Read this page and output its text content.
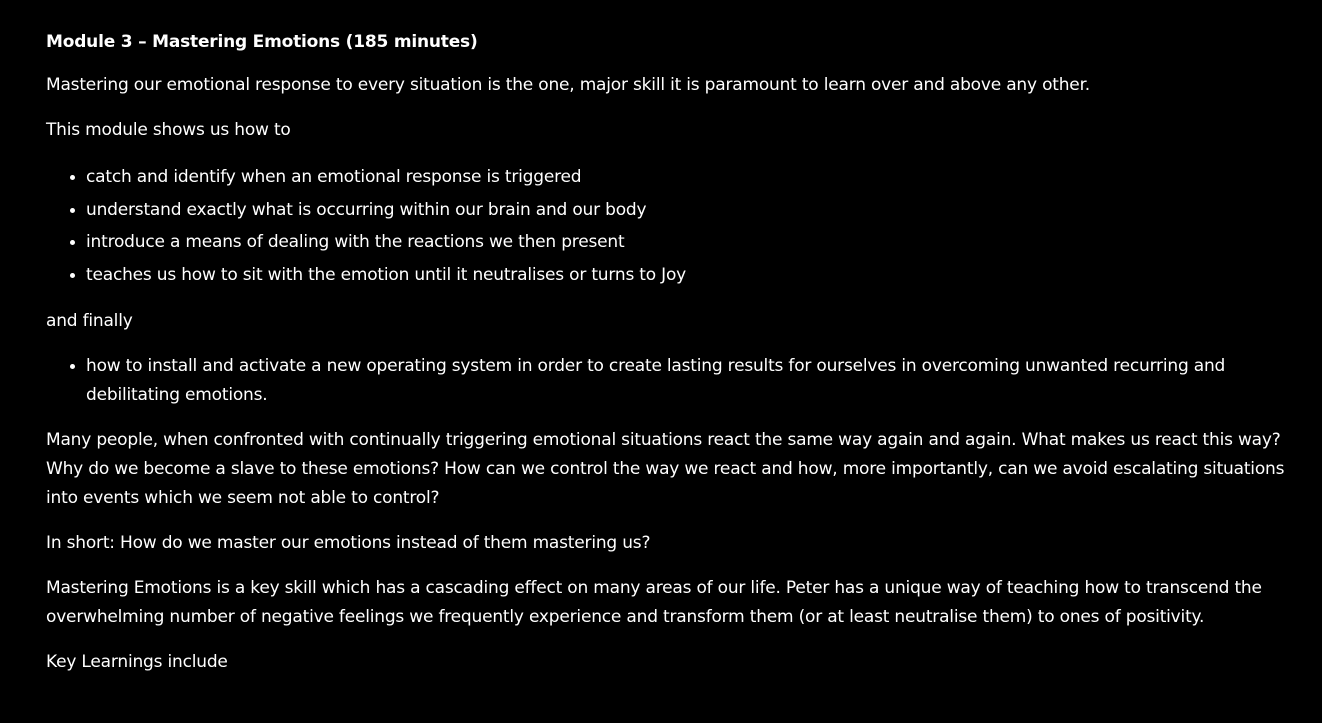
Module 3 – Mastering Emotions (185 minutes)

Mastering our emotional response to every situation is the one, major skill it is paramount to learn over and above any other.

This module shows us how to

catch and identify when an emotional response is triggered
understand exactly what is occurring within our brain and our body
introduce a means of dealing with the reactions we then present
teaches us how to sit with the emotion until it neutralises or turns to Joy

and finally

how to install and activate a new operating system in order to create lasting results for ourselves in overcoming unwanted recurring and debilitating emotions.

Many people, when confronted with continually triggering emotional situations react the same way again and again. What makes us react this way? Why do we become a slave to these emotions? How can we control the way we react and how, more importantly, can we avoid escalating situations into events which we seem not able to control?

In short: How do we master our emotions instead of them mastering us?

Mastering Emotions is a key skill which has a cascading effect on many areas of our life. Peter has a unique way of teaching how to transcend the overwhelming number of negative feelings we frequently experience and transform them (or at least neutralise them) to ones of positivity.

Key Learnings include
